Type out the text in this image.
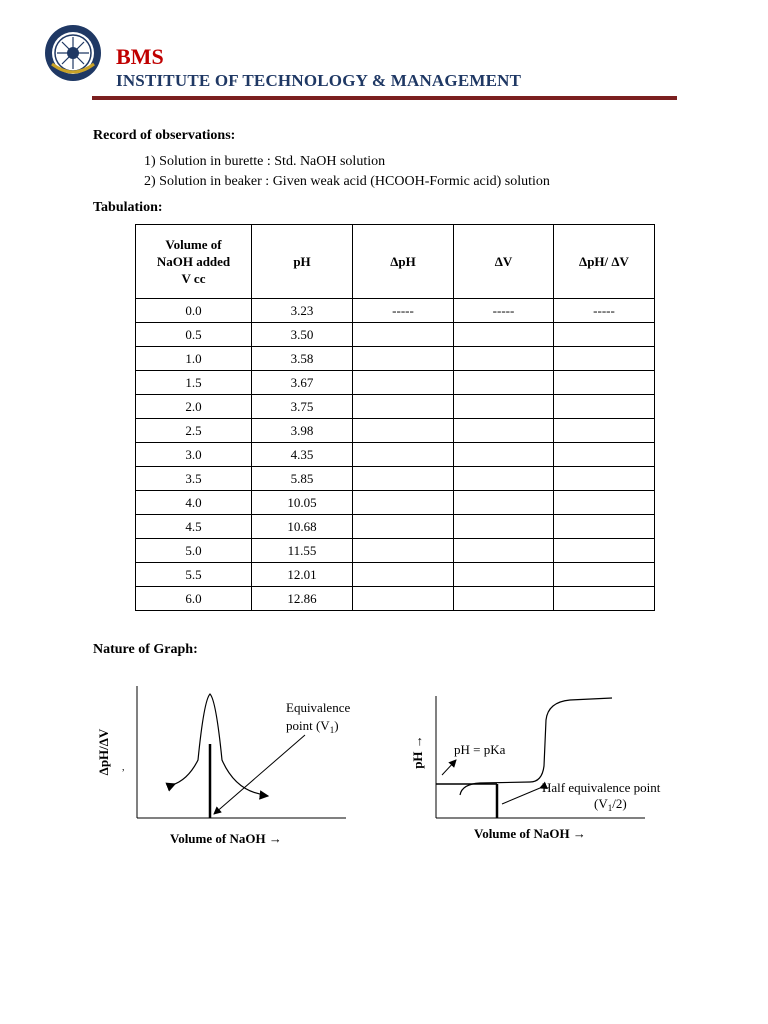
BMS
INSTITUTE OF TECHNOLOGY & MANAGEMENT
Record of observations:
1) Solution in burette : Std. NaOH solution
2) Solution in beaker : Given weak acid (HCOOH-Formic acid) solution
Tabulation:
Volume of
NaOH added
V cc	pH	ΔpH	ΔV	ΔpH/ ΔV
0.0	3.23	-----	-----	-----
0.5	3.50			
1.0	3.58			
1.5	3.67			
2.0	3.75			
2.5	3.98			
3.0	4.35			
3.5	5.85			
4.0	10.05			
4.5	10.68			
5.0	11.55			
5.5	12.01			
6.0	12.86			
Nature of Graph:
ΔpH/ΔV ,
Equivalence
point $(V_1)$
Volume of NaOH →
pH → pH = pKa
Half equivalence point
$(V_1/2)$
Volume of NaOH →
